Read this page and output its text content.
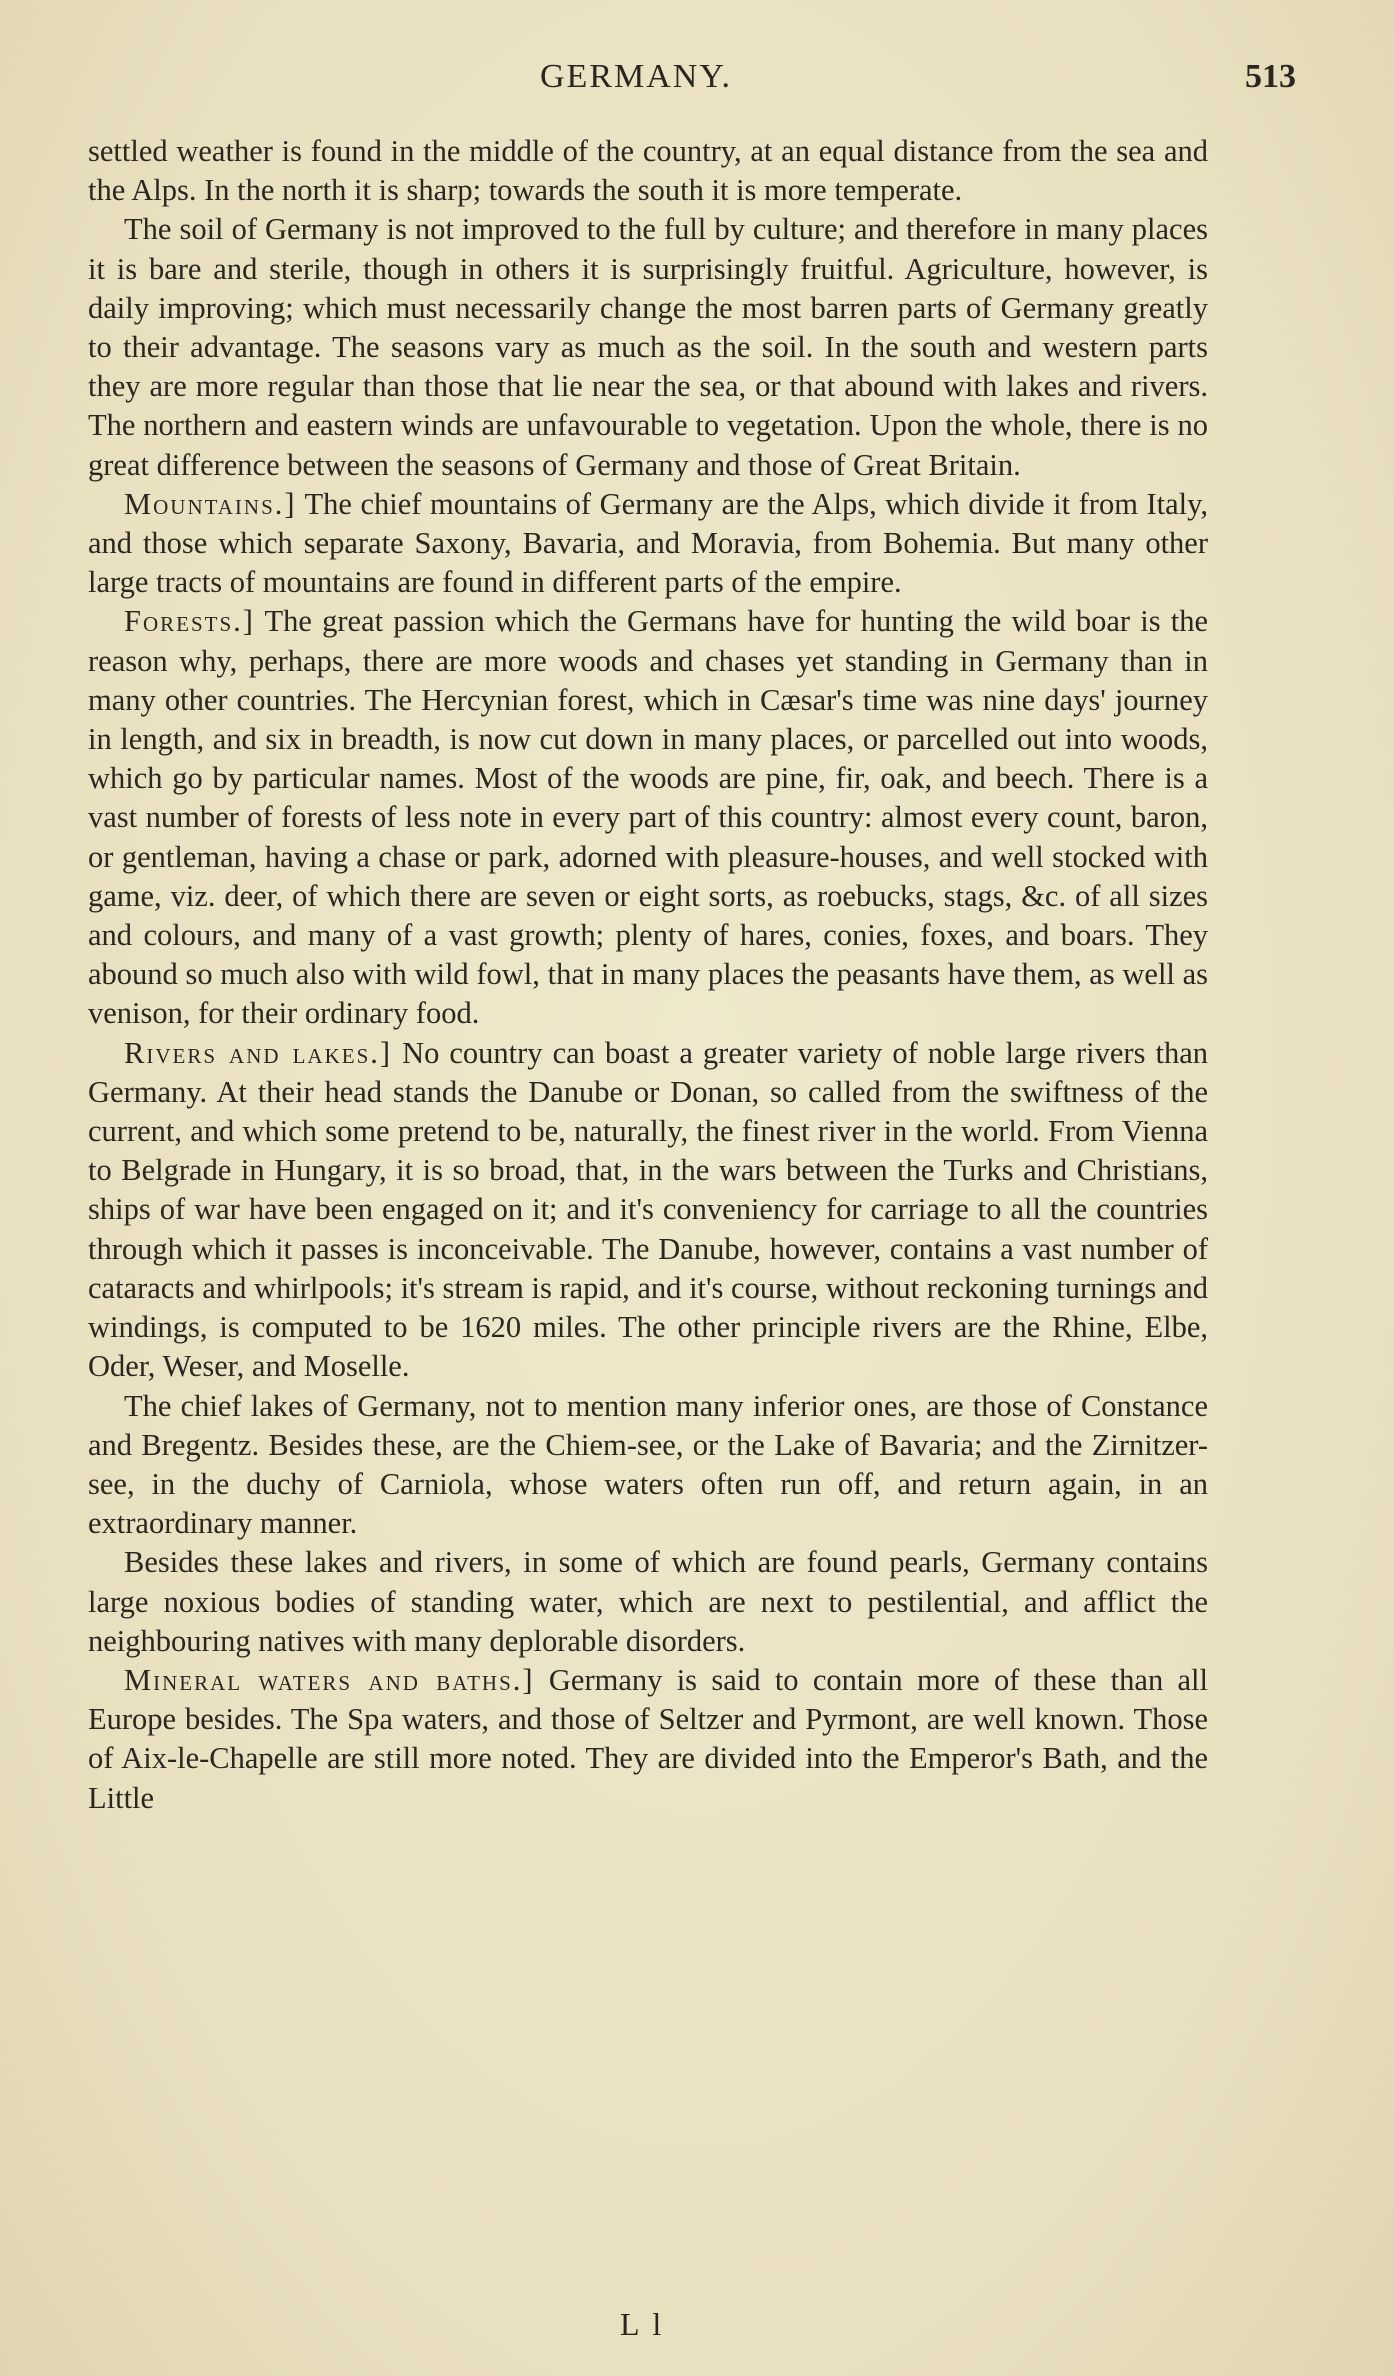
GERMANY.	513

settled weather is found in the middle of the country, at an equal distance from the sea and the Alps. In the north it is sharp; towards the south it is more temperate.

The soil of Germany is not improved to the full by culture; and therefore in many places it is bare and sterile, though in others it is surprisingly fruitful. Agriculture, however, is daily improving; which must necessarily change the most barren parts of Germany greatly to their advantage. The seasons vary as much as the soil. In the south and western parts they are more regular than those that lie near the sea, or that abound with lakes and rivers. The northern and eastern winds are unfavourable to vegetation. Upon the whole, there is no great difference between the seasons of Germany and those of Great Britain.

Mountains.] The chief mountains of Germany are the Alps, which divide it from Italy, and those which separate Saxony, Bavaria, and Moravia, from Bohemia. But many other large tracts of mountains are found in different parts of the empire.

Forests.] The great passion which the Germans have for hunting the wild boar is the reason why, perhaps, there are more woods and chases yet standing in Germany than in many other countries. The Hercynian forest, which in Cæsar's time was nine days' journey in length, and six in breadth, is now cut down in many places, or parcelled out into woods, which go by particular names. Most of the woods are pine, fir, oak, and beech. There is a vast number of forests of less note in every part of this country: almost every count, baron, or gentleman, having a chase or park, adorned with pleasure-houses, and well stocked with game, viz. deer, of which there are seven or eight sorts, as roebucks, stags, &c. of all sizes and colours, and many of a vast growth; plenty of hares, conies, foxes, and boars. They abound so much also with wild fowl, that in many places the peasants have them, as well as venison, for their ordinary food.

Rivers and lakes.] No country can boast a greater variety of noble large rivers than Germany. At their head stands the Danube or Donan, so called from the swiftness of the current, and which some pretend to be, naturally, the finest river in the world. From Vienna to Belgrade in Hungary, it is so broad, that, in the wars between the Turks and Christians, ships of war have been engaged on it; and it's conveniency for carriage to all the countries through which it passes is inconceivable. The Danube, however, contains a vast number of cataracts and whirlpools; it's stream is rapid, and it's course, without reckoning turnings and windings, is computed to be 1620 miles. The other principle rivers are the Rhine, Elbe, Oder, Weser, and Moselle.

The chief lakes of Germany, not to mention many inferior ones, are those of Constance and Bregentz. Besides these, are the Chiem-see, or the Lake of Bavaria; and the Zirnitzer-see, in the duchy of Carniola, whose waters often run off, and return again, in an extraordinary manner.

Besides these lakes and rivers, in some of which are found pearls, Germany contains large noxious bodies of standing water, which are next to pestilential, and afflict the neighbouring natives with many deplorable disorders.

Mineral waters and baths.] Germany is said to contain more of these than all Europe besides. The Spa waters, and those of Seltzer and Pyrmont, are well known. Those of Aix-le-Chapelle are still more noted. They are divided into the Emperor's Bath, and the Little

L l
